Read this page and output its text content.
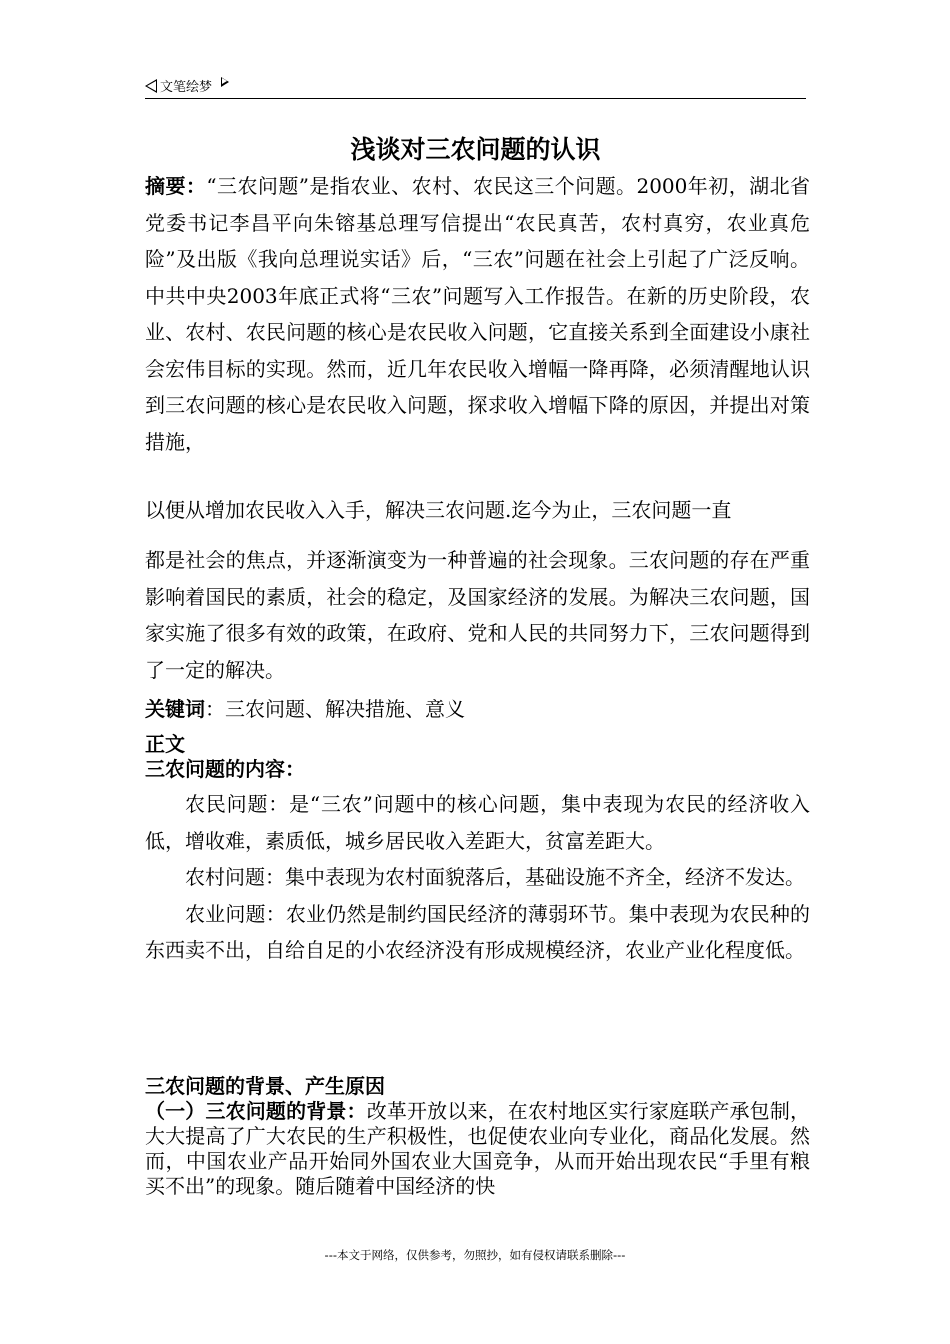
文笔绘梦
浅谈对三农问题的认识

摘要：“三农问题”是指农业、农村、农民这三个问题。2000年初，湖北省党委书记李昌平向朱镕基总理写信提出“农民真苦，农村真穷，农业真危险”及出版《我向总理说实话》后，“三农”问题在社会上引起了广泛反响。中共中央2003年底正式将“三农”问题写入工作报告。在新的历史阶段，农业、农村、农民问题的核心是农民收入问题，它直接关系到全面建设小康社会宏伟目标的实现。然而，近几年农民收入增幅一降再降，必须清醒地认识到三农问题的核心是农民收入问题，探求收入增幅下降的原因，并提出对策措施，

以便从增加农民收入入手，解决三农问题.迄今为止，三农问题一直

都是社会的焦点，并逐渐演变为一种普遍的社会现象。三农问题的存在严重影响着国民的素质，社会的稳定，及国家经济的发展。为解决三农问题，国家实施了很多有效的政策，在政府、党和人民的共同努力下，三农问题得到了一定的解决。

关键词：三农问题、解决措施、意义

正文

三农问题的内容：

农民问题：是“三农”问题中的核心问题，集中表现为农民的经济收入低，增收难，素质低，城乡居民收入差距大，贫富差距大。

农村问题：集中表现为农村面貌落后，基础设施不齐全，经济不发达。

农业问题：农业仍然是制约国民经济的薄弱环节。集中表现为农民种的东西卖不出，自给自足的小农经济没有形成规模经济，农业产业化程度低。

三农问题的背景、产生原因

（一）三农问题的背景：改革开放以来，在农村地区实行家庭联产承包制，大大提高了广大农民的生产积极性，也促使农业向专业化，商品化发展。然而，中国农业产品开始同外国农业大国竞争，从而开始出现农民“手里有粮买不出”的现象。随后随着中国经济的快

---本文于网络，仅供参考，勿照抄，如有侵权请联系删除---
